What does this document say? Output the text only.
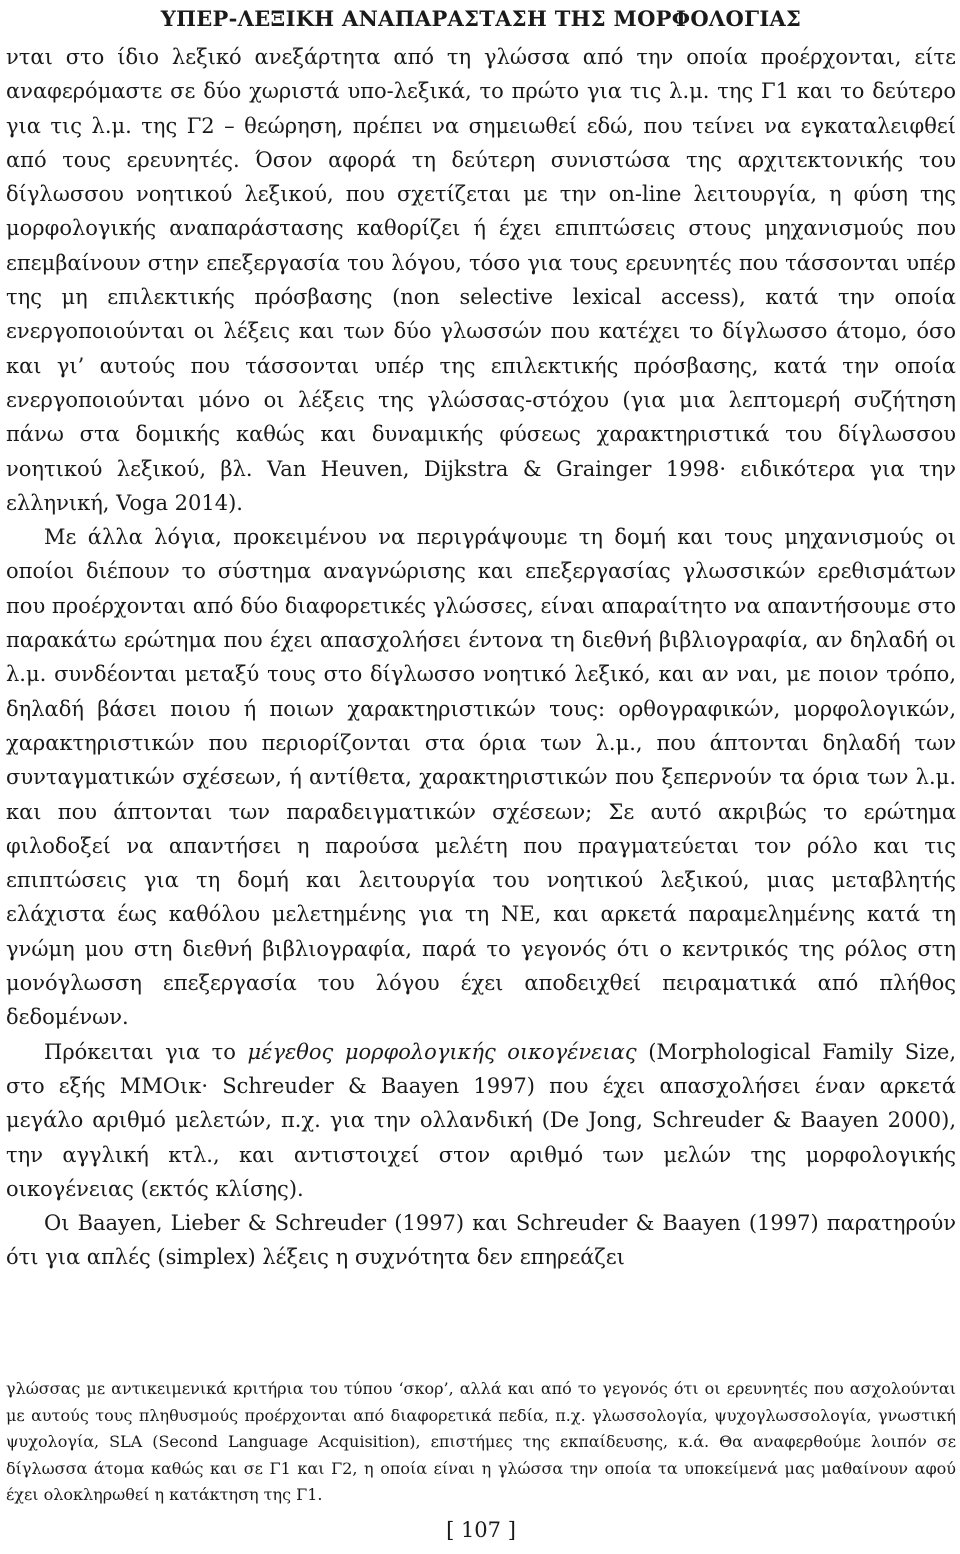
ΥΠΕΡ-ΛΕΞΙΚΗ ΑΝΑΠΑΡΑΣΤΑΣΗ ΤΗΣ ΜΟΡΦΟΛΟΓΙΑΣ

νται στο ίδιο λεξικό ανεξάρτητα από τη γλώσσα από την οποία προέρχονται, είτε αναφερόμαστε σε δύο χωριστά υπο-λεξικά, το πρώτο για τις λ.μ. της Γ1 και το δεύτερο για τις λ.μ. της Γ2 – θεώρηση, πρέπει να σημειωθεί εδώ, που τείνει να εγκαταλειφθεί από τους ερευνητές. Όσον αφορά τη δεύτερη συνιστώσα της αρχιτεκτονικής του δίγλωσσου νοητικού λεξικού, που σχετίζεται με την on-line λειτουργία, η φύση της μορφολογικής αναπαράστασης καθορίζει ή έχει επιπτώσεις στους μηχανισμούς που επεμβαίνουν στην επεξεργασία του λόγου, τόσο για τους ερευνητές που τάσσονται υπέρ της μη επιλεκτικής πρόσβασης (non selective lexical access), κατά την οποία ενεργοποιούνται οι λέξεις και των δύο γλωσσών που κατέχει το δίγλωσσο άτομο, όσο και γι’ αυτούς που τάσσονται υπέρ της επιλεκτικής πρόσβασης, κατά την οποία ενεργοποιούνται μόνο οι λέξεις της γλώσσας-στόχου (για μια λεπτομερή συζήτηση πάνω στα δομικής καθώς και δυναμικής φύσεως χαρακτηριστικά του δίγλωσσου νοητικού λεξικού, βλ. Van Heuven, Dijkstra & Grainger 1998· ειδικότερα για την ελληνική, Voga 2014).

Με άλλα λόγια, προκειμένου να περιγράψουμε τη δομή και τους μηχανισμούς οι οποίοι διέπουν το σύστημα αναγνώρισης και επεξεργασίας γλωσσικών ερεθισμάτων που προέρχονται από δύο διαφορετικές γλώσσες, είναι απαραίτητο να απαντήσουμε στο παρακάτω ερώτημα που έχει απασχολήσει έντονα τη διεθνή βιβλιογραφία, αν δηλαδή οι λ.μ. συνδέονται μεταξύ τους στο δίγλωσσο νοητικό λεξικό, και αν ναι, με ποιον τρόπο, δηλαδή βάσει ποιου ή ποιων χαρακτηριστικών τους: ορθογραφικών, μορφολογικών, χαρακτηριστικών που περιορίζονται στα όρια των λ.μ., που άπτονται δηλαδή των συνταγματικών σχέσεων, ή αντίθετα, χαρακτηριστικών που ξεπερνούν τα όρια των λ.μ. και που άπτονται των παραδειγματικών σχέσεων; Σε αυτό ακριβώς το ερώτημα φιλοδοξεί να απαντήσει η παρούσα μελέτη που πραγματεύεται τον ρόλο και τις επιπτώσεις για τη δομή και λειτουργία του νοητικού λεξικού, μιας μεταβλητής ελάχιστα έως καθόλου μελετημένης για τη ΝΕ, και αρκετά παραμελημένης κατά τη γνώμη μου στη διεθνή βιβλιογραφία, παρά το γεγονός ότι ο κεντρικός της ρόλος στη μονόγλωσση επεξεργασία του λόγου έχει αποδειχθεί πειραματικά από πλήθος δεδομένων.

Πρόκειται για το μέγεθος μορφολογικής οικογένειας (Morphological Family Size, στο εξής ΜΜΟικ· Schreuder & Baayen 1997) που έχει απασχολήσει έναν αρκετά μεγάλο αριθμό μελετών, π.χ. για την ολλανδική (De Jong, Schreuder & Baayen 2000), την αγγλική κτλ., και αντιστοιχεί στον αριθμό των μελών της μορφολογικής οικογένειας (εκτός κλίσης).

Οι Baayen, Lieber & Schreuder (1997) και Schreuder & Baayen (1997) παρατηρούν ότι για απλές (simplex) λέξεις η συχνότητα δεν επηρεάζει

γλώσσας με αντικειμενικά κριτήρια του τύπου ‘σκορ’, αλλά και από το γεγονός ότι οι ερευνητές που ασχολούνται με αυτούς τους πληθυσμούς προέρχονται από διαφορετικά πεδία, π.χ. γλωσσολογία, ψυχογλωσσολογία, γνωστική ψυχολογία, SLA (Second Language Acquisition), επιστήμες της εκπαίδευσης, κ.ά. Θα αναφερθούμε λοιπόν σε δίγλωσσα άτομα καθώς και σε Γ1 και Γ2, η οποία είναι η γλώσσα την οποία τα υποκείμενά μας μαθαίνουν αφού έχει ολοκληρωθεί η κατάκτηση της Γ1.

[ 107 ]
